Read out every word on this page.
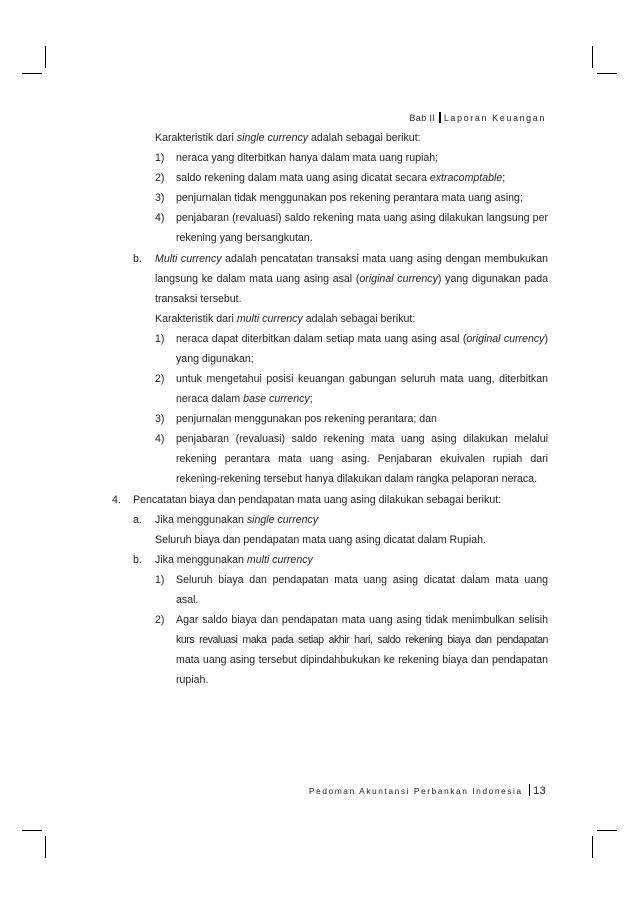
Bab II Laporan Keuangan
Karakteristik dari single currency adalah sebagai berikut:
1) neraca yang diterbitkan hanya dalam mata uang rupiah;
2) saldo rekening dalam mata uang asing dicatat secara extracomptable;
3) penjurnalan tidak menggunakan pos rekening perantara mata uang asing;
4) penjabaran (revaluasi) saldo rekening mata uang asing dilakukan langsung per
rekening yang bersangkutan.
b. Multi currency adalah pencatatan transaksi mata uang asing dengan membukukan
langsung ke dalam mata uang asing asal (original currency) yang digunakan pada
transaksi tersebut.
Karakteristik dari multi currency adalah sebagai berikut:
1) neraca dapat diterbitkan dalam setiap mata uang asing asal (original currency)
yang digunakan;
2) untuk mengetahui posisi keuangan gabungan seluruh mata uang, diterbitkan
neraca dalam base currency;
3) penjurnalan menggunakan pos rekening perantara; dan
4) penjabaran (revaluasi) saldo rekening mata uang asing dilakukan melalui
rekening perantara mata uang asing. Penjabaran ekuivalen rupiah dari
rekening-rekening tersebut hanya dilakukan dalam rangka pelaporan neraca.
4. Pencatatan biaya dan pendapatan mata uang asing dilakukan sebagai berikut:
a. Jika menggunakan single currency
Seluruh biaya dan pendapatan mata uang asing dicatat dalam Rupiah.
b. Jika menggunakan multi currency
1) Seluruh biaya dan pendapatan mata uang asing dicatat dalam mata uang
asal.
2) Agar saldo biaya dan pendapatan mata uang asing tidak menimbulkan selisih
kurs revaluasi maka pada setiap akhir hari, saldo rekening biaya dan pendapatan
mata uang asing tersebut dipindahbukukan ke rekening biaya dan pendapatan
rupiah.
Pedoman Akuntansi Perbankan Indonesia 13
